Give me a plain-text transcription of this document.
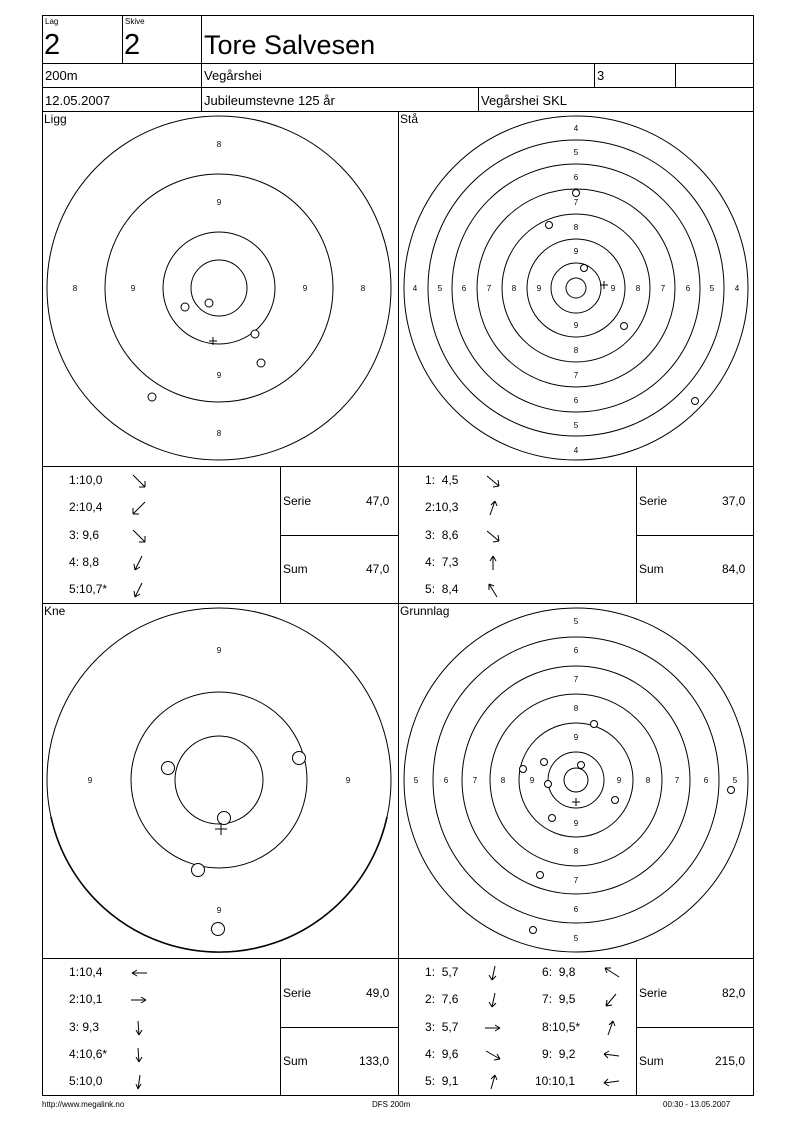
Lag
2
Skive
2 Tore Salvesen
200m	Vegårshei	3
12.05.2007	Jubileumstevne 125 år	Vegårshei SKL
Ligg	Stå
Kne	Grunnlag
8
9
8	9	9	8
9
8
4
5
6
7
8
9
9
8
7
6
5
4
4	5 6	7	8	9	9	8	7	6 5	4
9
9	9
9
5
6
7
8
9
9
8
7
6
5
5	6	7	8	9	9	8	7	6	5
1:10,0
2:10,4
3: 9,6
4: 8,8
5:10,7*
Serie	47,0
Sum	47,0
1:  4,5
2:10,3
3:  8,6
4:  7,3
5:  8,4
Serie	37,0
Sum	84,0
1:10,4
2:10,1
3: 9,3
4:10,6*
5:10,0
Serie	49,0
Sum	133,0
1:  5,7
2:  7,6
3:  5,7
4:  9,6
5:  9,1
6:  9,8
7:  9,5
8:10,5*
9:  9,2
10:10,1
Serie	82,0
Sum	215,0
http://www.megalink.no	DFS 200m	00:30 - 13.05.2007
